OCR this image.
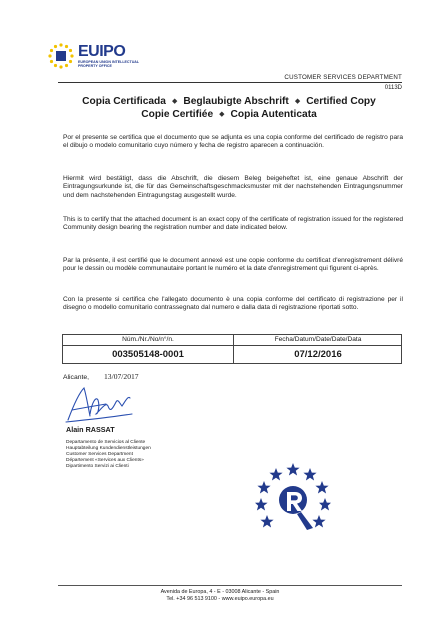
EUIPO
EUROPEAN UNION INTELLECTUAL PROPERTY OFFICE
CUSTOMER SERVICES DEPARTMENT
0113D
Copia Certificada ◆ Beglaubigte Abschrift ◆ Certified Copy
Copie Certifiée ◆ Copia Autenticata

Por el presente se certifica que el documento que se adjunta es una copia conforme del certificado de registro para el dibujo o modelo comunitario cuyo número y fecha de registro aparecen a continuación.

Hiermit wird bestätigt, dass die Abschrift, die diesem Beleg beigeheftet ist, eine genaue Abschrift der Eintragungsurkunde ist, die für das Gemeinschaftsgeschmacksmuster mit der nachstehenden Eintragungsnummer und dem nachstehenden Eintragungstag ausgestellt wurde.

This is to certify that the attached document is an exact copy of the certificate of registration issued for the registered Community design bearing the registration number and date indicated below.

Par la présente, il est certifié que le document annexé est une copie conforme du certificat d'enregistrement délivré pour le dessin ou modèle communautaire portant le numéro et la date d'enregistrement qui figurent ci-après.

Con la presente si certifica che l'allegato documento è una copia conforme del certificato di registrazione per il disegno o modello comunitario contrassegnato dal numero e dalla data di registrazione riportati sotto.

Núm./Nr./No/n°/n.	Fecha/Datum/Date/Date/Data
003505148-0001	07/12/2016
Alicante, 13/07/2017
Alain RASSAT
Departamento de Servicios al Cliente
Hauptabteilung Kundendienstleistungen
Customer Services Department
Département «Services aux Clients»
Dipartimento Servizi ai Clienti
Avenida de Europa, 4 - E - 03008 Alicante - Spain
Tel. +34 96 513 9100 - www.euipo.europa.eu
